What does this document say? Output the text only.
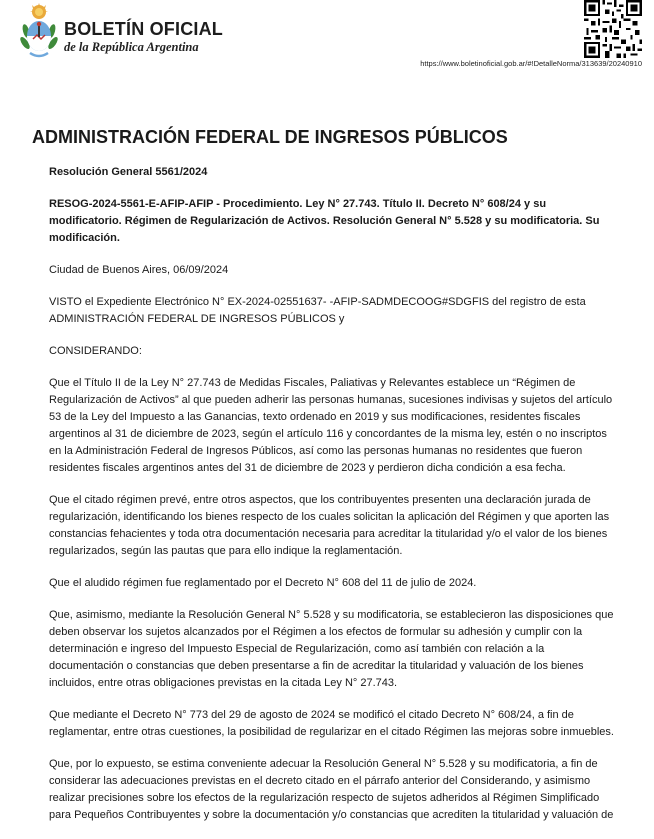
BOLETÍN OFICIAL
de la República Argentina
https://www.boletinoficial.gob.ar/#!DetalleNorma/313639/20240910
ADMINISTRACIÓN FEDERAL DE INGRESOS PÚBLICOS

Resolución General 5561/2024

RESOG-2024-5561-E-AFIP-AFIP - Procedimiento. Ley N° 27.743. Título II. Decreto N° 608/24 y su modificatorio. Régimen de Regularización de Activos. Resolución General N° 5.528 y su modificatoria. Su modificación.

Ciudad de Buenos Aires, 06/09/2024

VISTO el Expediente Electrónico N° EX-2024-02551637- -AFIP-SADMDECOOG#SDGFIS del registro de esta ADMINISTRACIÓN FEDERAL DE INGRESOS PÚBLICOS y

CONSIDERANDO:

Que el Título II de la Ley N° 27.743 de Medidas Fiscales, Paliativas y Relevantes establece un “Régimen de Regularización de Activos” al que pueden adherir las personas humanas, sucesiones indivisas y sujetos del artículo 53 de la Ley del Impuesto a las Ganancias, texto ordenado en 2019 y sus modificaciones, residentes fiscales argentinos al 31 de diciembre de 2023, según el artículo 116 y concordantes de la misma ley, estén o no inscriptos en la Administración Federal de Ingresos Públicos, así como las personas humanas no residentes que fueron residentes fiscales argentinos antes del 31 de diciembre de 2023 y perdieron dicha condición a esa fecha.

Que el citado régimen prevé, entre otros aspectos, que los contribuyentes presenten una declaración jurada de regularización, identificando los bienes respecto de los cuales solicitan la aplicación del Régimen y que aporten las constancias fehacientes y toda otra documentación necesaria para acreditar la titularidad y/o el valor de los bienes regularizados, según las pautas que para ello indique la reglamentación.

Que el aludido régimen fue reglamentado por el Decreto N° 608 del 11 de julio de 2024.

Que, asimismo, mediante la Resolución General N° 5.528 y su modificatoria, se establecieron las disposiciones que deben observar los sujetos alcanzados por el Régimen a los efectos de formular su adhesión y cumplir con la determinación e ingreso del Impuesto Especial de Regularización, como así también con relación a la documentación o constancias que deben presentarse a fin de acreditar la titularidad y valuación de los bienes incluidos, entre otras obligaciones previstas en la citada Ley N° 27.743.

Que mediante el Decreto N° 773 del 29 de agosto de 2024 se modificó el citado Decreto N° 608/24, a fin de reglamentar, entre otras cuestiones, la posibilidad de regularizar en el citado Régimen las mejoras sobre inmuebles.

Que, por lo expuesto, se estima conveniente adecuar la Resolución General N° 5.528 y su modificatoria, a fin de considerar las adecuaciones previstas en el decreto citado en el párrafo anterior del Considerando, y asimismo realizar precisiones sobre los efectos de la regularización respecto de sujetos adheridos al Régimen Simplificado para Pequeños Contribuyentes y sobre la documentación y/o constancias que acrediten la titularidad y valuación de
